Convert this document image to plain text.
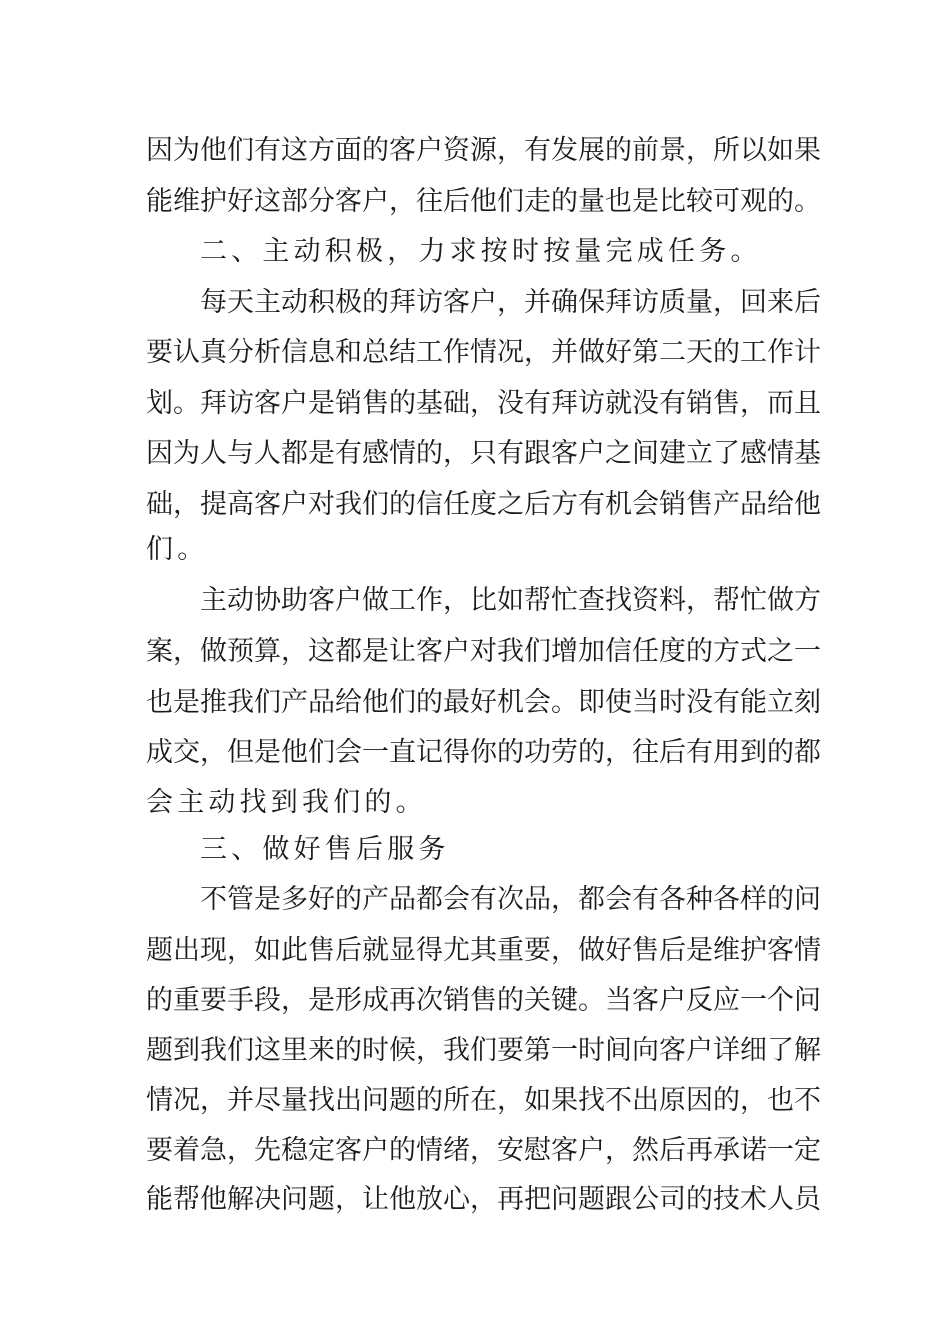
因为他们有这方面的客户资源，有发展的前景，所以如果
能维护好这部分客户，往后他们走的量也是比较可观的。
二、主动积极，力求按时按量完成任务。
每天主动积极的拜访客户，并确保拜访质量，回来后
要认真分析信息和总结工作情况，并做好第二天的工作计
划。拜访客户是销售的基础，没有拜访就没有销售，而且
因为人与人都是有感情的，只有跟客户之间建立了感情基
础，提高客户对我们的信任度之后方有机会销售产品给他
们。
主动协助客户做工作，比如帮忙查找资料，帮忙做方
案，做预算，这都是让客户对我们增加信任度的方式之一
也是推我们产品给他们的最好机会。即使当时没有能立刻
成交，但是他们会一直记得你的功劳的，往后有用到的都
会主动找到我们的。
三、做好售后服务
不管是多好的产品都会有次品，都会有各种各样的问
题出现，如此售后就显得尤其重要，做好售后是维护客情
的重要手段，是形成再次销售的关键。当客户反应一个问
题到我们这里来的时候，我们要第一时间向客户详细了解
情况，并尽量找出问题的所在，如果找不出原因的，也不
要着急，先稳定客户的情绪，安慰客户，然后再承诺一定
能帮他解决问题，让他放心，再把问题跟公司的技术人员
